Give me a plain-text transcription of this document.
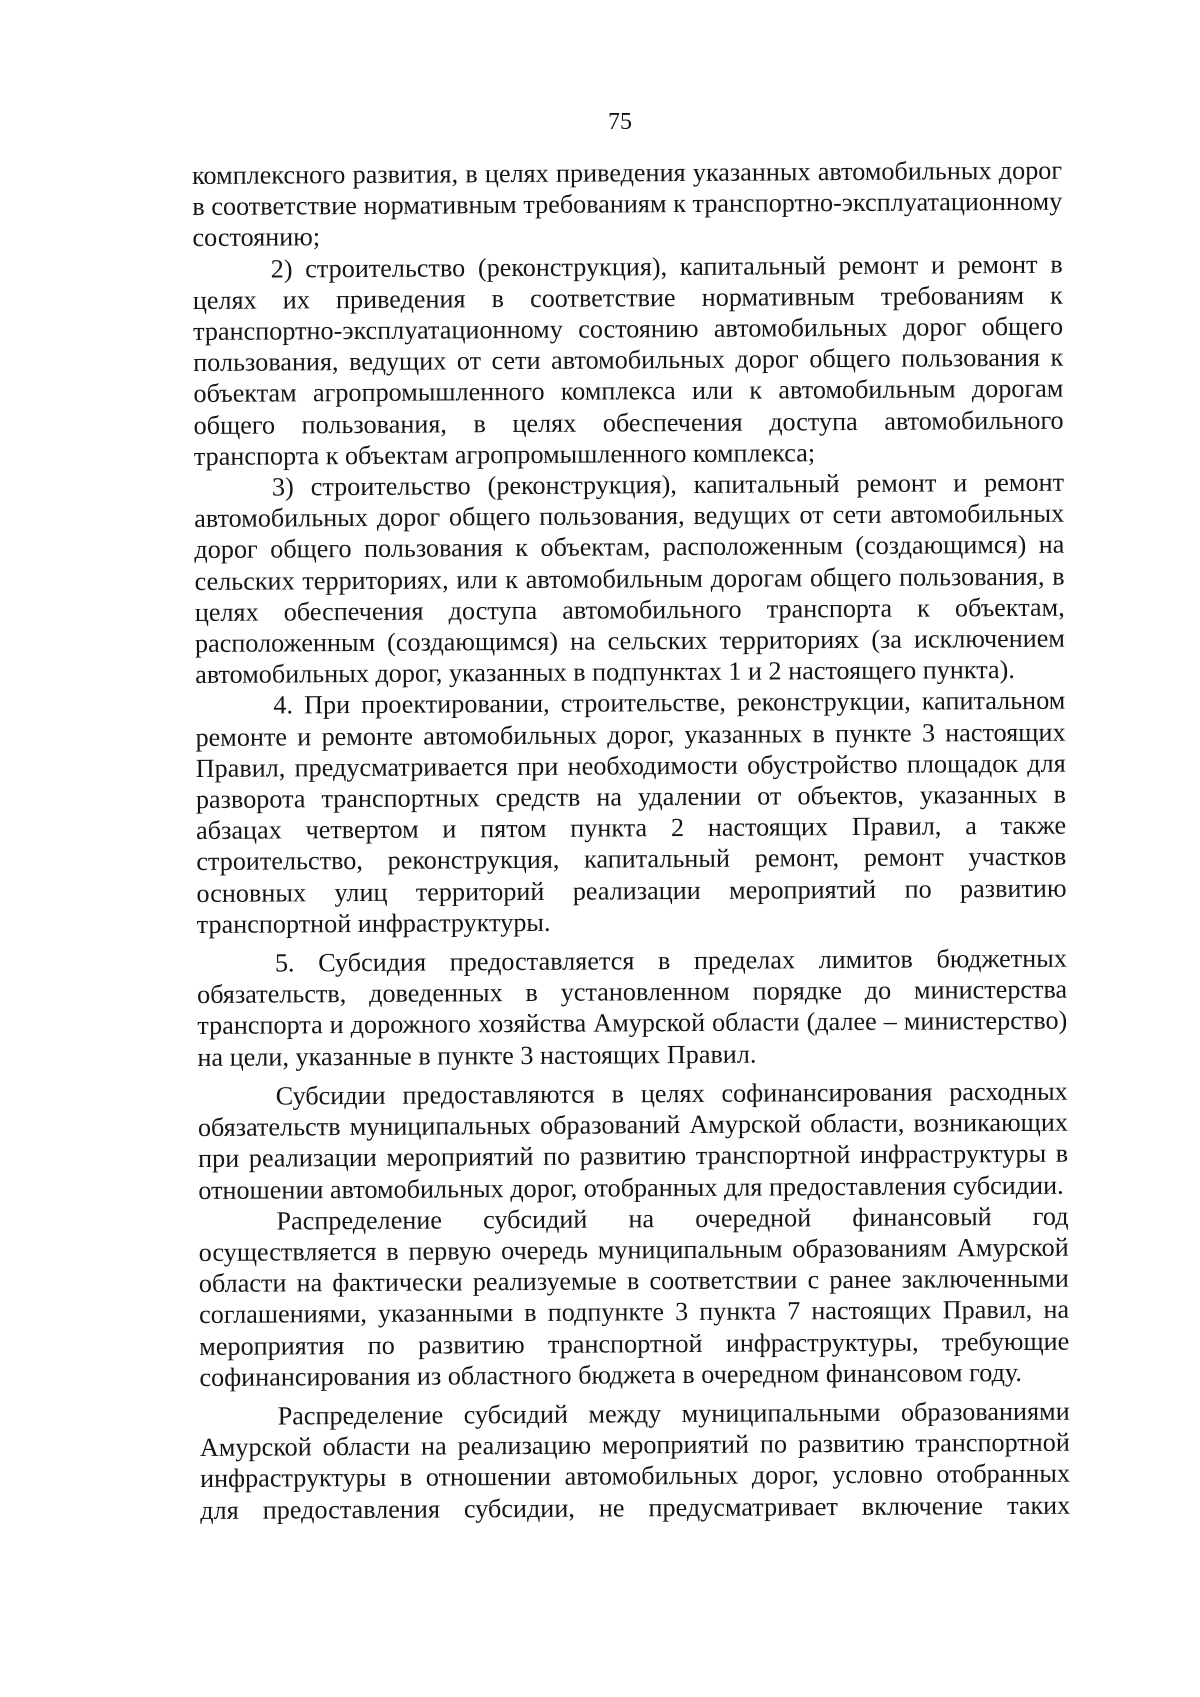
75

комплексного развития, в целях приведения указанных автомобильных дорог в соответствие нормативным требованиям к транспортно-эксплуатационному состоянию;

2) строительство (реконструкция), капитальный ремонт и ремонт в целях их приведения в соответствие нормативным требованиям к транспортно-эксплуатационному состоянию автомобильных дорог общего пользования, ведущих от сети автомобильных дорог общего пользования к объектам агропромышленного комплекса или к автомобильным дорогам общего пользования, в целях обеспечения доступа автомобильного транспорта к объектам агропромышленного комплекса;

3) строительство (реконструкция), капитальный ремонт и ремонт автомобильных дорог общего пользования, ведущих от сети автомобильных дорог общего пользования к объектам, расположенным (создающимся) на сельских территориях, или к автомобильным дорогам общего пользования, в целях обеспечения доступа автомобильного транспорта к объектам, расположенным (создающимся) на сельских территориях (за исключением автомобильных дорог, указанных в подпунктах 1 и 2 настоящего пункта).

4. При проектировании, строительстве, реконструкции, капитальном ремонте и ремонте автомобильных дорог, указанных в пункте 3 настоящих Правил, предусматривается при необходимости обустройство площадок для разворота транспортных средств на удалении от объектов, указанных в абзацах четвертом и пятом пункта 2 настоящих Правил, а также строительство, реконструкция, капитальный ремонт, ремонт участков основных улиц территорий реализации мероприятий по развитию транспортной инфраструктуры.

5. Субсидия предоставляется в пределах лимитов бюджетных обязательств, доведенных в установленном порядке до министерства транспорта и дорожного хозяйства Амурской области (далее – министерство) на цели, указанные в пункте 3 настоящих Правил.

Субсидии предоставляются в целях софинансирования расходных обязательств муниципальных образований Амурской области, возникающих при реализации мероприятий по развитию транспортной инфраструктуры в отношении автомобильных дорог, отобранных для предоставления субсидии.

Распределение субсидий на очередной финансовый год осуществляется в первую очередь муниципальным образованиям Амурской области на фактически реализуемые в соответствии с ранее заключенными соглашениями, указанными в подпункте 3 пункта 7 настоящих Правил, на мероприятия по развитию транспортной инфраструктуры, требующие софинансирования из областного бюджета в очередном финансовом году.

Распределение субсидий между муниципальными образованиями Амурской области на реализацию мероприятий по развитию транспортной инфраструктуры в отношении автомобильных дорог, условно отобранных для предоставления субсидии, не предусматривает включение таких
